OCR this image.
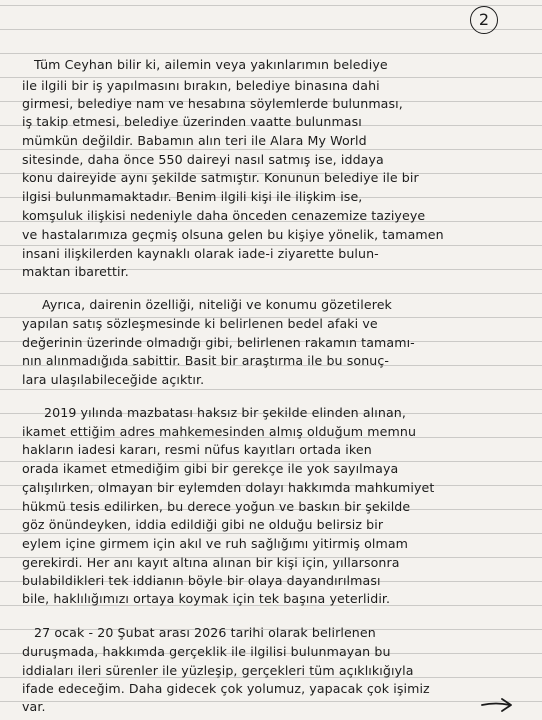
2
Tüm Ceyhan bilir ki, ailemin veya yakınlarımın belediye
ile ilgili bir iş yapılmasını bırakın, belediye binasına dahi
girmesi, belediye nam ve hesabına söylemlerde bulunması,
iş takip etmesi, belediye üzerinden vaatte bulunması
mümkün değildir. Babamın alın teri ile Alara My World
sitesinde, daha önce 550 daireyi nasıl satmış ise, iddaya
konu daireyide aynı şekilde satmıştır. Konunun belediye ile bir
ilgisi bulunmamaktadır. Benim ilgili kişi ile ilişkim ise,
komşuluk ilişkisi nedeniyle daha önceden cenazemize taziyeye
ve hastalarımıza geçmiş olsuna gelen bu kişiye yönelik, tamamen
insani ilişkilerden kaynaklı olarak iade-i ziyarette bulun-
maktan ibarettir.
Ayrıca, dairenin özelliği, niteliği ve konumu gözetilerek
yapılan satış sözleşmesinde ki belirlenen bedel afaki ve
değerinin üzerinde olmadığı gibi, belirlenen rakamın tamamı-
nın alınmadığıda sabittir. Basit bir araştırma ile bu sonuç-
lara ulaşılabileceğide açıktır.
2019 yılında mazbatası haksız bir şekilde elinden alınan,
ikamet ettiğim adres mahkemesinden almış olduğum memnu
hakların iadesi kararı, resmi nüfus kayıtları ortada iken
orada ikamet etmediğim gibi bir gerekçe ile yok sayılmaya
çalışılırken, olmayan bir eylemden dolayı hakkımda mahkumiyet
hükmü tesis edilirken, bu derece yoğun ve baskın bir şekilde
göz önündeyken, iddia edildiği gibi ne olduğu belirsiz bir
eylem içine girmem için akıl ve ruh sağlığımı yitirmiş olmam
gerekirdi. Her anı kayıt altına alınan bir kişi için, yıllarsonra
bulabildikleri tek iddianın böyle bir olaya dayandırılması
bile, haklılığımızı ortaya koymak için tek başına yeterlidir.
27 ocak - 20 Şubat arası 2026 tarihi olarak belirlenen
duruşmada, hakkımda gerçeklik ile ilgilisi bulunmayan bu
iddiaları ileri sürenler ile yüzleşip, gerçekleri tüm açıklıkığıyla
ifade edeceğim. Daha gidecek çok yolumuz, yapacak çok işimiz
var.
